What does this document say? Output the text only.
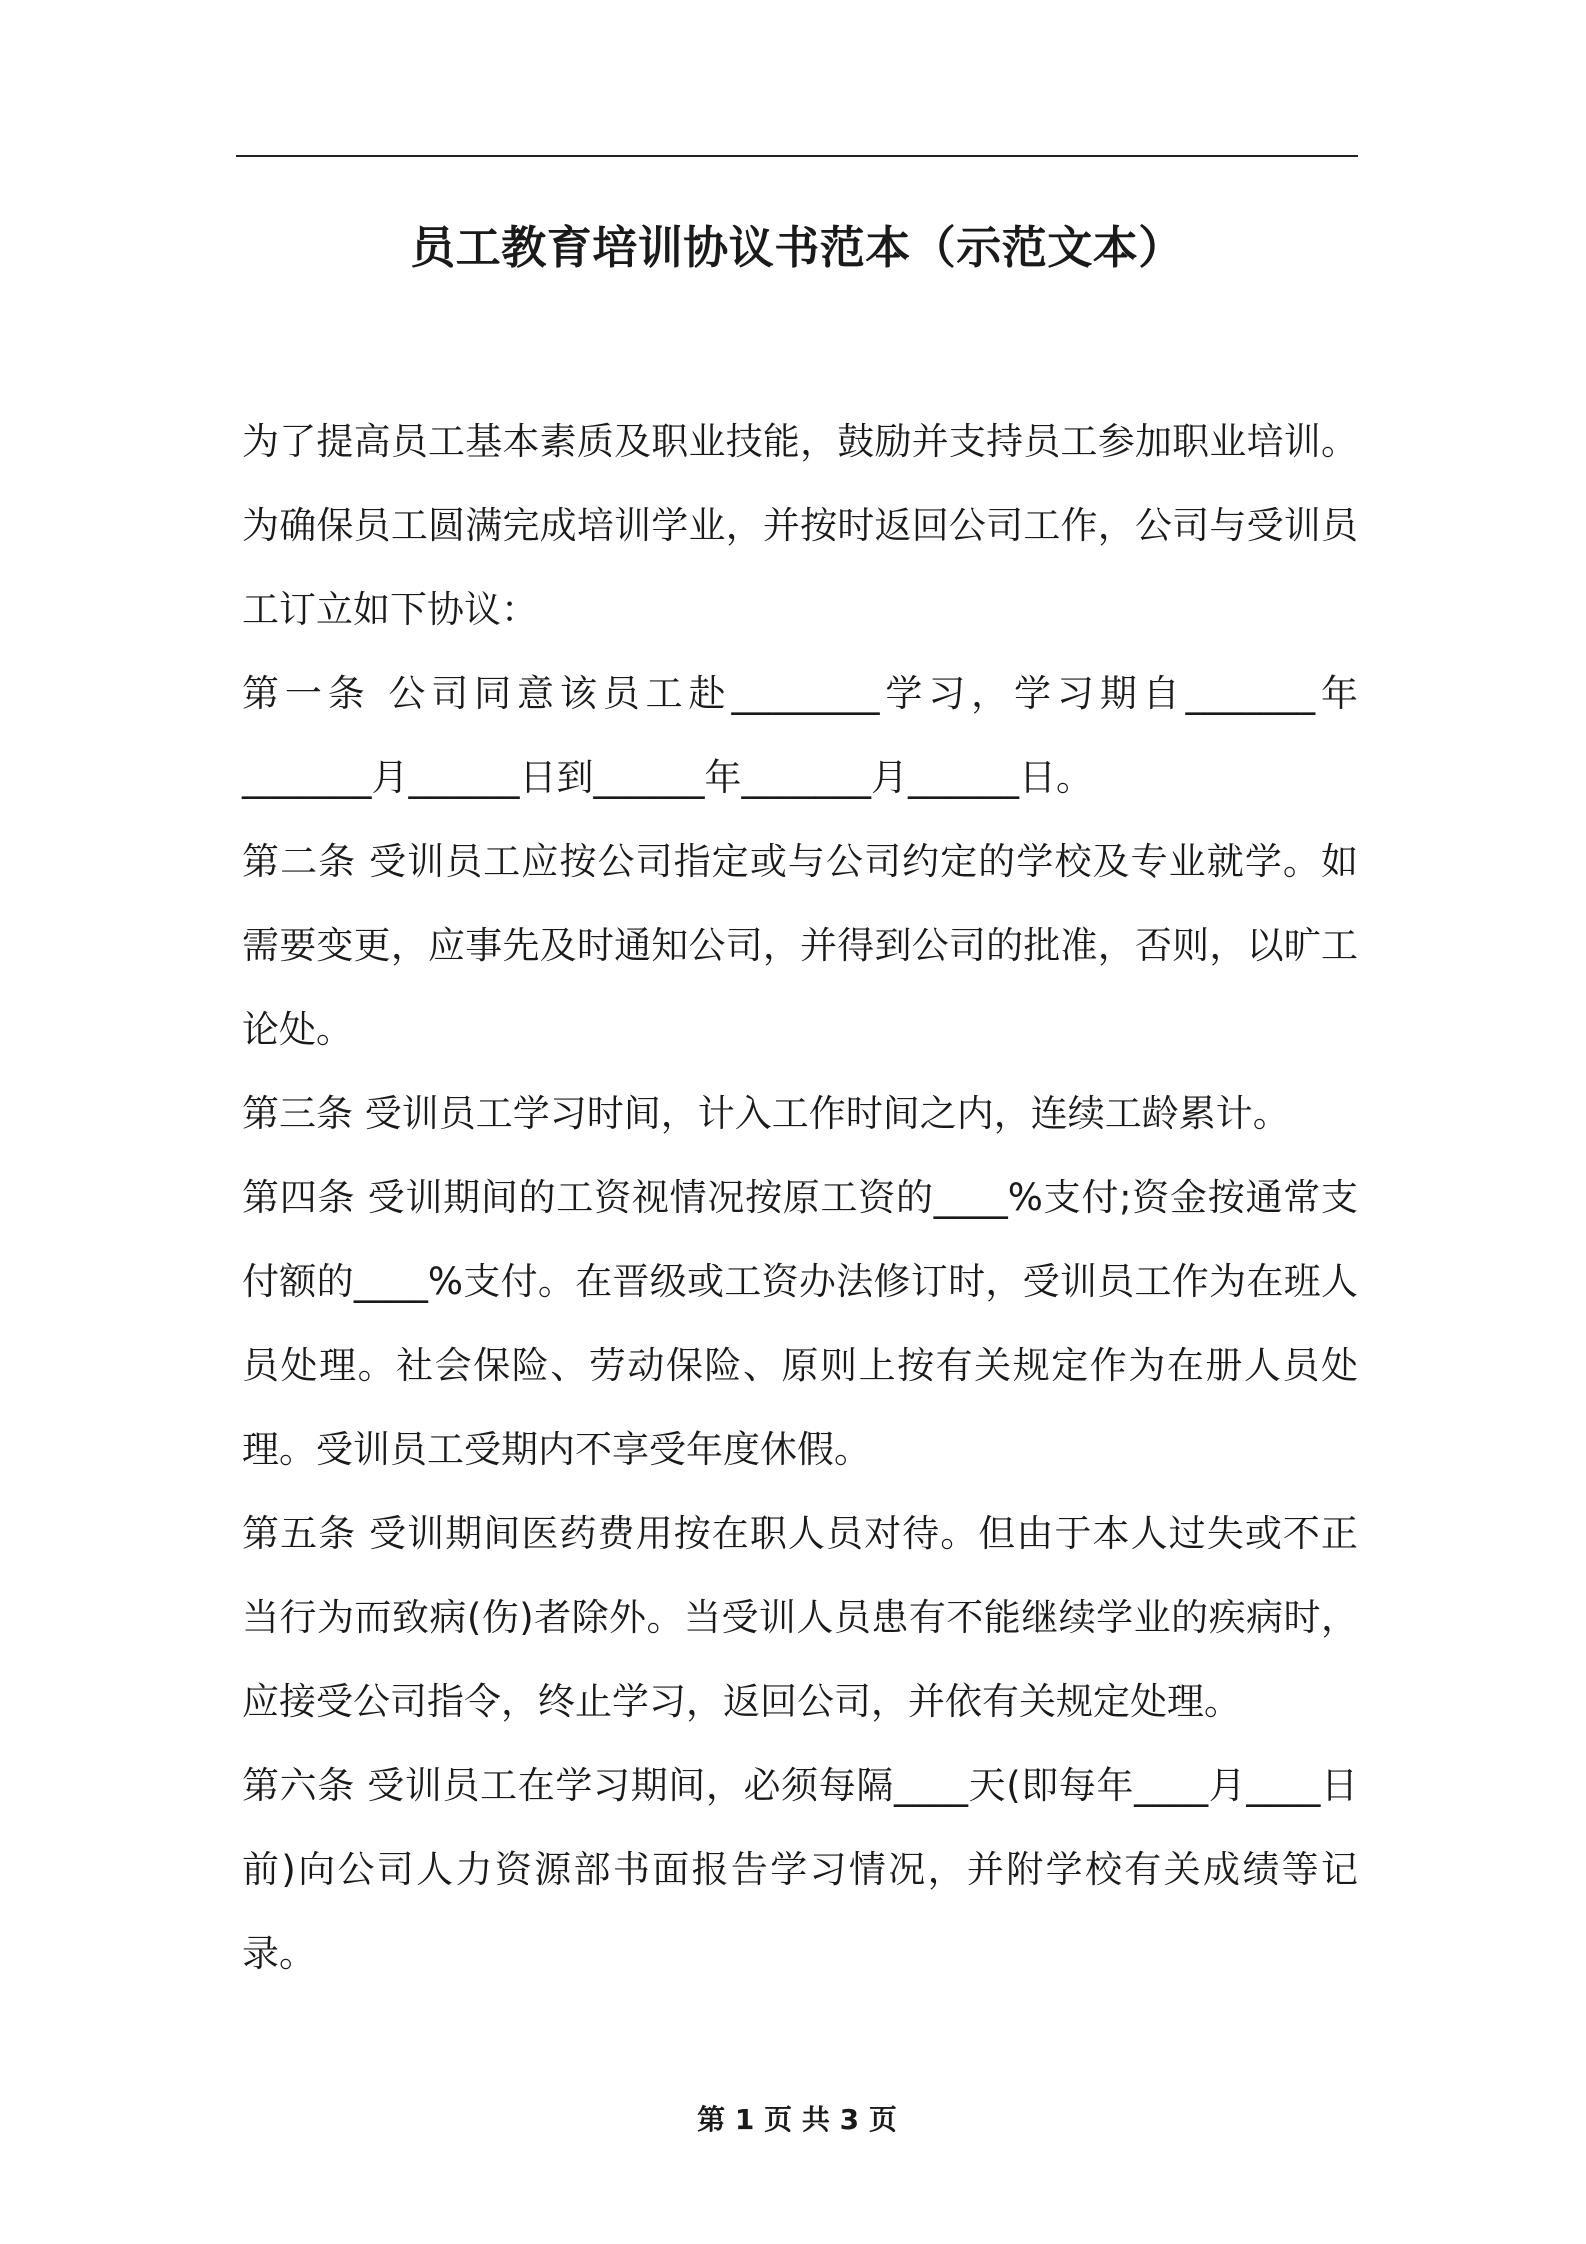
员工教育培训协议书范本（示范文本）

为了提高员工基本素质及职业技能，鼓励并支持员工参加职业培训。为确保员工圆满完成培训学业，并按时返回公司工作，公司与受训员工订立如下协议：

第一条 公司同意该员工赴________学习，学习期自_______年_______月______日到______年_______月______日。

第二条 受训员工应按公司指定或与公司约定的学校及专业就学。如需要变更，应事先及时通知公司，并得到公司的批准，否则，以旷工论处。

第三条 受训员工学习时间，计入工作时间之内，连续工龄累计。

第四条 受训期间的工资视情况按原工资的____%支付;资金按通常支付额的____%支付。在晋级或工资办法修订时，受训员工作为在班人员处理。社会保险、劳动保险、原则上按有关规定作为在册人员处理。受训员工受期内不享受年度休假。

第五条 受训期间医药费用按在职人员对待。但由于本人过失或不正当行为而致病(伤)者除外。当受训人员患有不能继续学业的疾病时，应接受公司指令，终止学习，返回公司，并依有关规定处理。

第六条 受训员工在学习期间，必须每隔____天(即每年____月____日前)向公司人力资源部书面报告学习情况，并附学校有关成绩等记录。

第 1 页 共 3 页
